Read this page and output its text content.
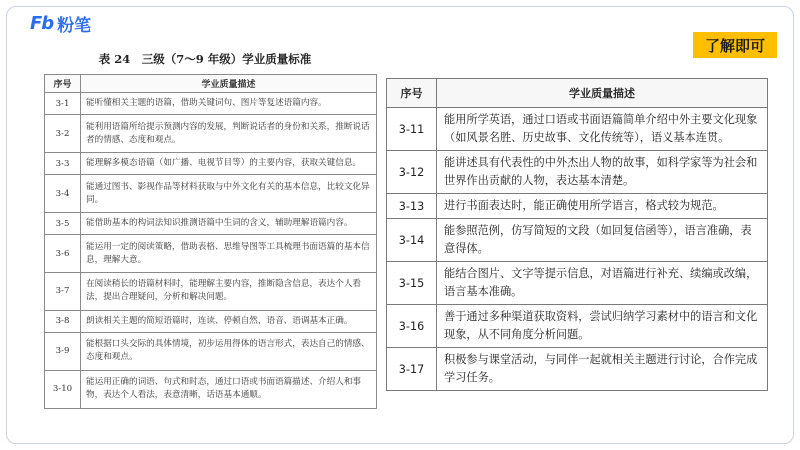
Fb 粉笔
了解即可
表 24　三级（7～9 年级）学业质量标准
序号	学业质量描述
3-1	能听懂相关主题的语篇，借助关键词句、图片等复述语篇内容。
3-2	能利用语篇所给提示预测内容的发展，判断说话者的身份和关系，推断说话者的情感、态度和观点。
3-3	能理解多模态语篇（如广播、电视节目等）的主要内容，获取关键信息。
3-4	能通过图书、影视作品等材料获取与中外文化有关的基本信息，比较文化异同。
3-5	能借助基本的构词法知识推测语篇中生词的含义，辅助理解语篇内容。
3-6	能运用一定的阅读策略，借助表格、思维导图等工具梳理书面语篇的基本信息，理解大意。
3-7	在阅读稍长的语篇材料时，能理解主要内容，推断隐含信息，表达个人看法，提出合理疑问，分析和解决问题。
3-8	朗读相关主题的简短语篇时，连读、停顿自然，语音、语调基本正确。
3-9	能根据口头交际的具体情境，初步运用得体的语言形式，表达自己的情感、态度和观点。
3-10	能运用正确的词语、句式和时态，通过口语或书面语篇描述、介绍人和事物，表达个人看法，表意清晰，话语基本通顺。
序号	学业质量描述
3-11	能用所学英语，通过口语或书面语篇简单介绍中外主要文化现象（如风景名胜、历史故事、文化传统等），语义基本连贯。
3-12	能讲述具有代表性的中外杰出人物的故事，如科学家等为社会和世界作出贡献的人物，表达基本清楚。
3-13	进行书面表达时，能正确使用所学语言，格式较为规范。
3-14	能参照范例，仿写简短的文段（如回复信函等），语言准确，表意得体。
3-15	能结合图片、文字等提示信息，对语篇进行补充、续编或改编，语言基本准确。
3-16	善于通过多种渠道获取资料，尝试归纳学习素材中的语言和文化现象，从不同角度分析问题。
3-17	积极参与课堂活动，与同伴一起就相关主题进行讨论，合作完成学习任务。
